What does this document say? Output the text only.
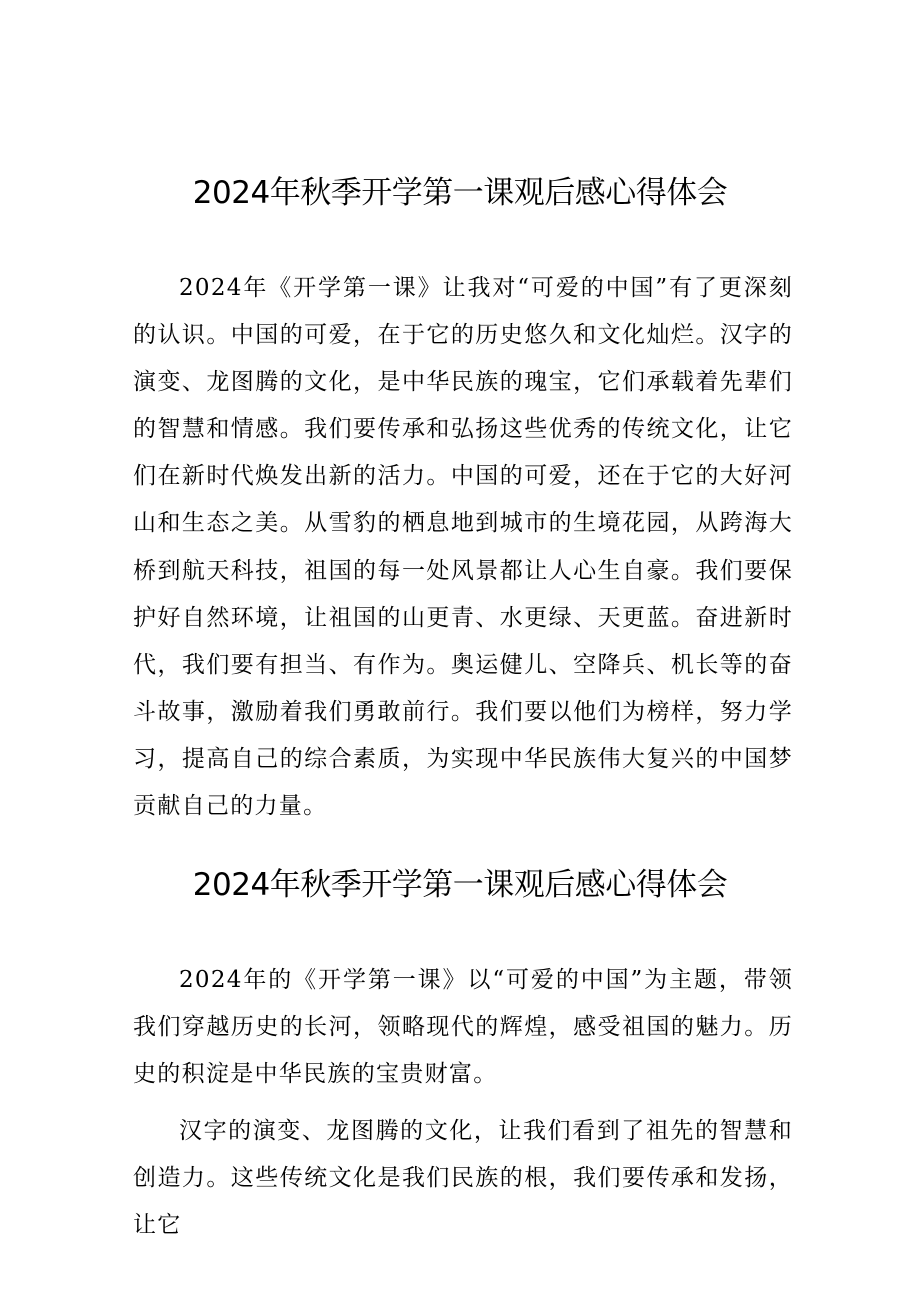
2024年秋季开学第一课观后感心得体会

2024年《开学第一课》让我对“可爱的中国”有了更深刻的认识。中国的可爱，在于它的历史悠久和文化灿烂。汉字的演变、龙图腾的文化，是中华民族的瑰宝，它们承载着先辈们的智慧和情感。我们要传承和弘扬这些优秀的传统文化，让它们在新时代焕发出新的活力。中国的可爱，还在于它的大好河山和生态之美。从雪豹的栖息地到城市的生境花园，从跨海大桥到航天科技，祖国的每一处风景都让人心生自豪。我们要保护好自然环境，让祖国的山更青、水更绿、天更蓝。奋进新时代，我们要有担当、有作为。奥运健儿、空降兵、机长等的奋斗故事，激励着我们勇敢前行。我们要以他们为榜样，努力学习，提高自己的综合素质，为实现中华民族伟大复兴的中国梦贡献自己的力量。

2024年秋季开学第一课观后感心得体会

2024年的《开学第一课》以“可爱的中国”为主题，带领我们穿越历史的长河，领略现代的辉煌，感受祖国的魅力。历史的积淀是中华民族的宝贵财富。

汉字的演变、龙图腾的文化，让我们看到了祖先的智慧和创造力。这些传统文化是我们民族的根，我们要传承和发扬，让它
